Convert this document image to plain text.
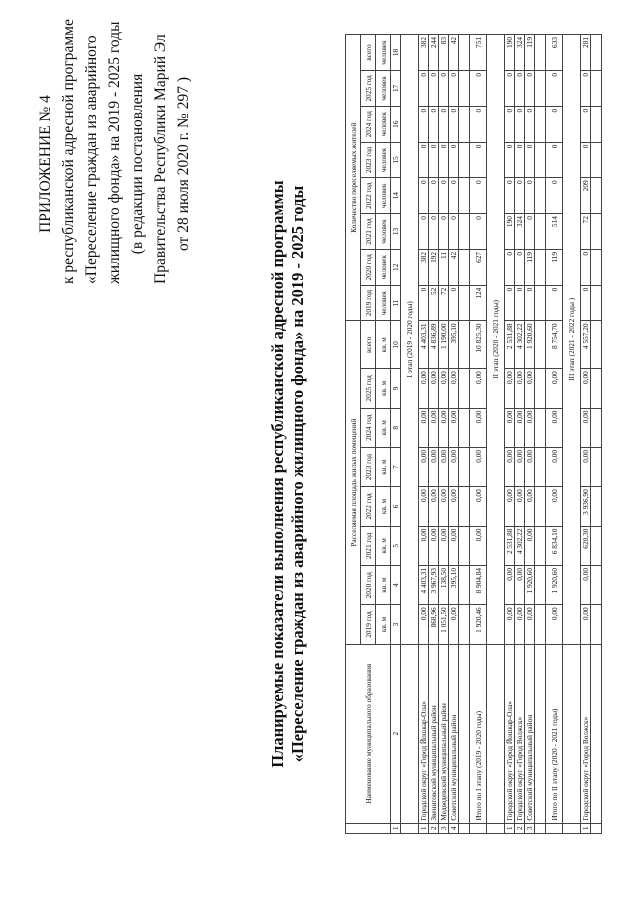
ПРИЛОЖЕНИЕ № 4 к республиканской адресной программе «Переселение граждан из аварийного жилищного фонда» на 2019 - 2025 годы (в редакции постановления Правительства Республики Марий Эл от 28 июля 2020 г. № 297 )
Планируемые показатели выполнения республиканской адресной программы «Переселение граждан из аварийного жилищного фонда» на 2019 - 2025 годы
		Наименование муниципального образования	Расселяемая площадь жилых помещений								Количество переселяемых жителей							
		2019 год	2020 год	2021 год	2022 год	2023 год	2024 год	2025 год	всего	2019 год	2020 год	2021 год	2022 год	2023 год	2024 год	2025 год	всего
		кв. м	кв. м	кв. м	кв. м	кв. м	кв. м	кв. м	кв. м	человек	человек	человек	человек	человек	человек	человек	человек
1	2	3	4	5	6	7	8	9	10	11	12	13	14	15	16	17	18
		I этап (2019 - 2020 годы)															
1	Городской округ «Город Йошкар-Ола»	0,00	4 403,31	0,00	0,00	0,00	0,00	0,00	4 403,31	0	382	0	0	0	0	0	382
2	Звениговский муниципальный район	868,96	3 967,93	0,00	0,00	0,00	0,00	0,00	4 836,89	52	192	0	0	0	0	0	244
3	Медведевский муниципальный район	1 051,50	138,50	0,00	0,00	0,00	0,00	0,00	1 190,00	72	11	0	0	0	0	0	83
4	Советский муниципальный район	0,00	395,10	0,00	0,00	0,00	0,00	0,00	395,10	0	42	0	0	0	0	0	42

	Итого по I этапу (2019 - 2020 годы)	1 920,46	8 904,84	0,00	0,00	0,00	0,00	0,00	10 825,30	124	627	0	0	0	0	0	751
		II этап (2020 - 2021 годы)															
1	Городской округ «Город Йошкар-Ола»	0,00	0,00	2 531,88	0,00	0,00	0,00	0,00	2 531,88	0	0	190	0	0	0	0	190
2	Городской округ «Город Волжск»	0,00	0,00	4 302,22	0,00	0,00	0,00	0,00	4 302,22	0	0	324	0	0	0	0	324
3	Советский муниципальный район	0,00	1 920,60	0,00	0,00	0,00	0,00	0,00	1 920,60	0	119	0	0	0	0	0	119

	Итого по II этапу (2020 - 2021 годы)	0,00	1 920,60	6 834,10	0,00	0,00	0,00	0,00	8 754,70	0	119	514	0	0	0	0	633
		III этап (2021 - 2022 годы )															
1	Городской округ «Город Волжск»	0,00	0,00	620,30	3 936,90	0,00	0,00	0,00	4 557,20	0	0	72	209	0	0	0	281
